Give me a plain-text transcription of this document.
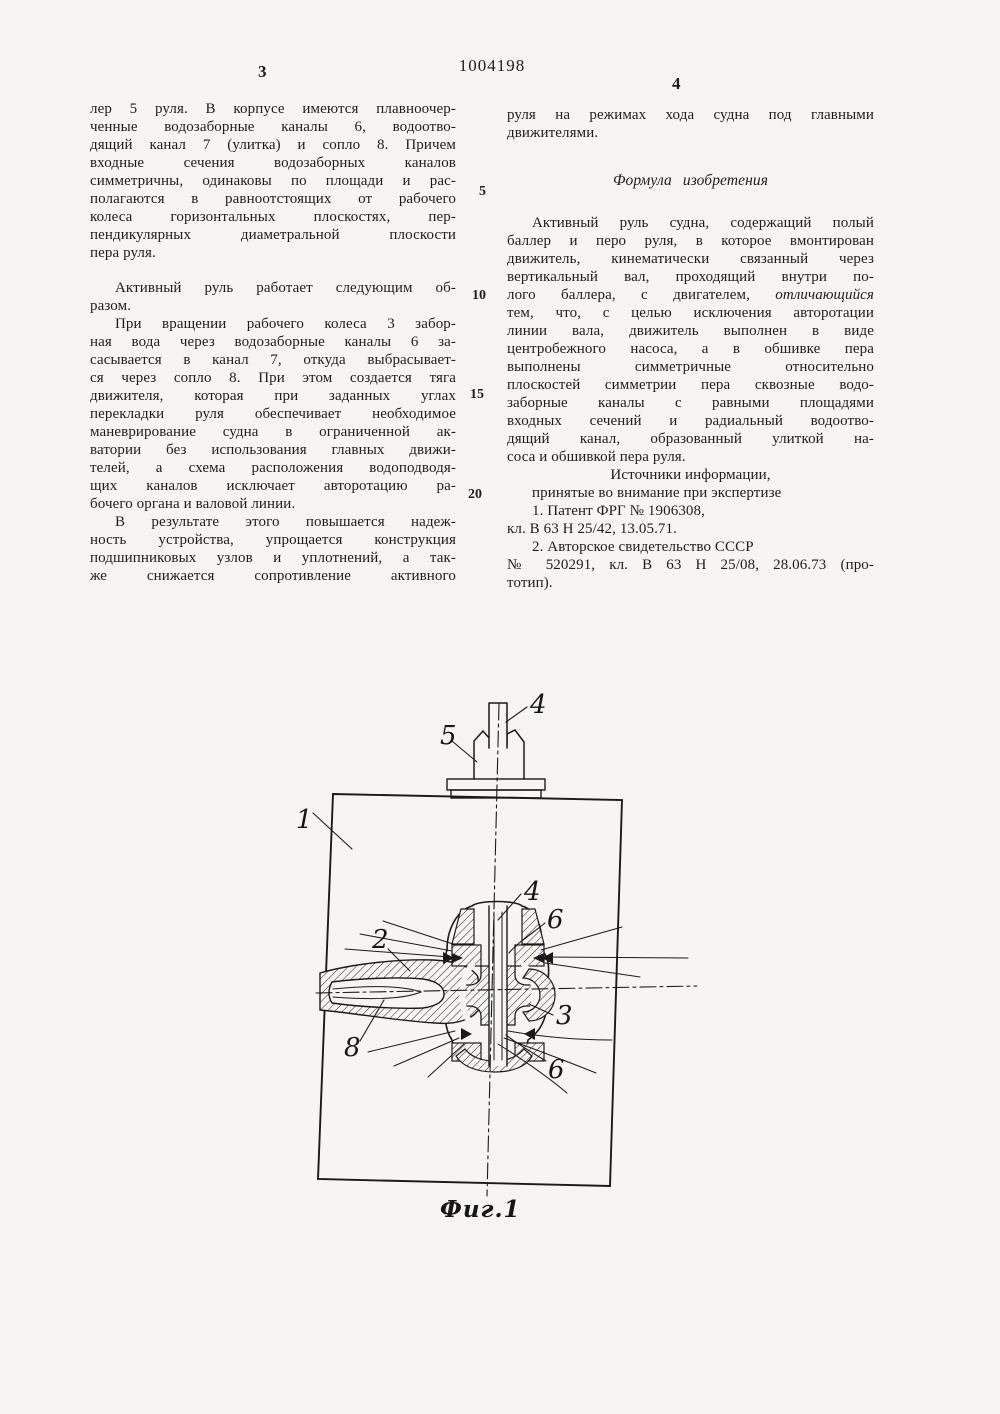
3	1004198
4
5
10
15
20
лер 5 руля. В корпусе имеются плавноочер-
ченные водозаборные каналы 6, водоотво-
дящий канал 7 (улитка) и сопло 8. Причем
входные сечения водозаборных каналов
симметричны, одинаковы по площади и рас-
полагаются в равноотстоящих от рабочего
колеса горизонтальных плоскостях, пер-
пендикулярных диаметральной плоскости
пера руля.
Активный руль работает следующим об-
разом.
При вращении рабочего колеса 3 забор-
ная вода через водозаборные каналы 6 за-
сасывается в канал 7, откуда выбрасывает-
ся через сопло 8. При этом создается тяга
движителя, которая при заданных углах
перекладки руля обеспечивает необходимое
маневрирование судна в ограниченной ак-
ватории без использования главных движи-
телей, а схема расположения водоподводя-
щих каналов исключает авторотацию ра-
бочего органа и валовой линии.
В результате этого повышается надеж-
ность устройства, упрощается конструкция
подшипниковых узлов и уплотнений, а так-
же снижается сопротивление активного
руля на режимах хода судна под главными
движителями.
Формула изобретения
Активный руль судна, содержащий полый
баллер и перо руля, в которое вмонтирован
движитель, кинематически связанный через
вертикальный вал, проходящий внутри по-
лого баллера, с двигателем, отличающийся
тем, что, с целью исключения авторотации
линии вала, движитель выполнен в виде
центробежного насоса, а в обшивке пера
выполнены симметричные относительно
плоскостей симметрии пера сквозные водо-
заборные каналы с равными площадями
входных сечений и радиальный водоотво-
дящий канал, образованный улиткой на-
соса и обшивкой пера руля.
Источники информации,
принятые во внимание при экспертизе
1. Патент ФРГ № 1906308,
кл. В 63 Н 25/42, 13.05.71.
2. Авторское свидетельство СССР
№ 520291, кл. В 63 Н 25/08, 28.06.73 (про-
тотип).
1
5
4
2
4
6
3
6
8
Фиг.1
